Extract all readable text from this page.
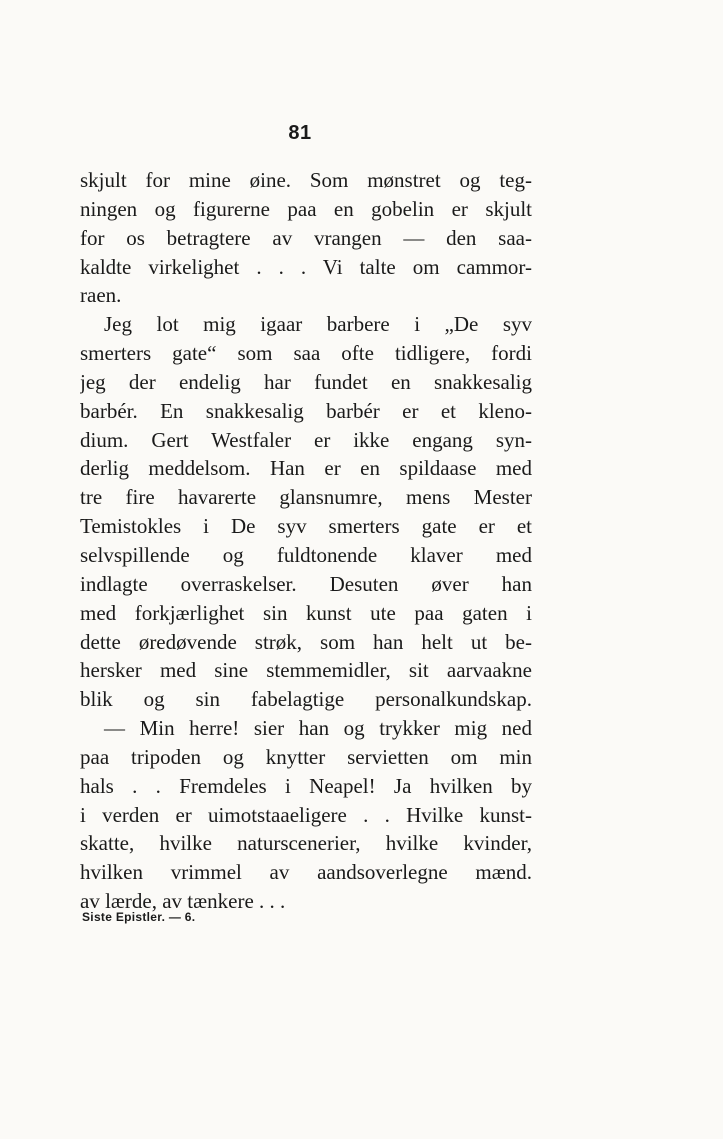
81
skjult for mine øine. Som mønstret og teg-
ningen og figurerne paa en gobelin er skjult
for os betragtere av vrangen — den saa-
kaldte virkelighet . . . Vi talte om cammor-
raen.
Jeg lot mig igaar barbere i „De syv
smerters gate“ som saa ofte tidligere, fordi
jeg der endelig har fundet en snakkesalig
barbér. En snakkesalig barbér er et kleno-
dium. Gert Westfaler er ikke engang syn-
derlig meddelsom. Han er en spildaase med
tre fire havarerte glansnumre, mens Mester
Temistokles i De syv smerters gate er et
selvspillende og fuldtonende klaver med
indlagte overraskelser. Desuten øver han
med forkjærlighet sin kunst ute paa gaten i
dette øredøvende strøk, som han helt ut be-
hersker med sine stemmemidler, sit aarvaakne
blik og sin fabelagtige personalkundskap.
— Min herre! sier han og trykker mig ned
paa tripoden og knytter servietten om min
hals . . Fremdeles i Neapel! Ja hvilken by
i verden er uimotstaaeligere . . Hvilke kunst-
skatte, hvilke naturscenerier, hvilke kvinder,
hvilken vrimmel av aandsoverlegne mænd.
av lærde, av tænkere . . .
Siste Epistler. — 6.
